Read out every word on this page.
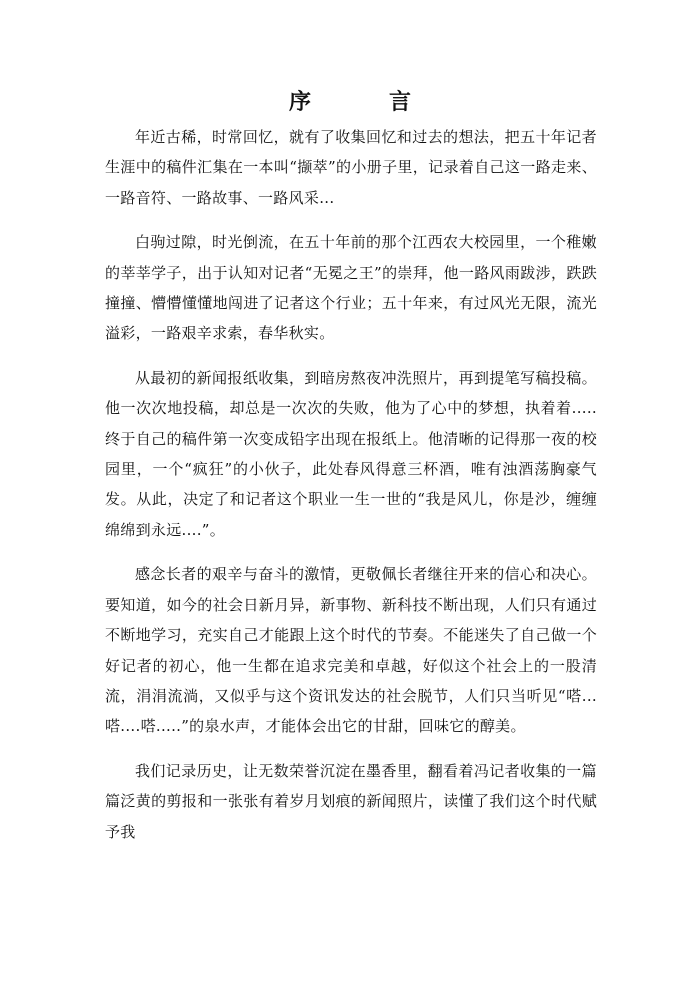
序　言

年近古稀，时常回忆，就有了收集回忆和过去的想法，把五十年记者生涯中的稿件汇集在一本叫“撷萃”的小册子里，记录着自己这一路走来、一路音符、一路故事、一路风采...

白驹过隙，时光倒流，在五十年前的那个江西农大校园里，一个稚嫩的莘莘学子，出于认知对记者“无冕之王”的崇拜，他一路风雨跋涉，跌跌撞撞、懵懵懂懂地闯进了记者这个行业；五十年来，有过风光无限，流光溢彩，一路艰辛求索，春华秋实。

从最初的新闻报纸收集，到暗房熬夜冲洗照片，再到提笔写稿投稿。他一次次地投稿，却总是一次次的失败，他为了心中的梦想，执着着.....终于自己的稿件第一次变成铅字出现在报纸上。他清晰的记得那一夜的校园里，一个“疯狂”的小伙子，此处春风得意三杯酒，唯有浊酒荡胸豪气发。从此，决定了和记者这个职业一生一世的“我是风儿，你是沙，缠缠绵绵到永远....”。

感念长者的艰辛与奋斗的激情，更敬佩长者继往开来的信心和决心。要知道，如今的社会日新月异，新事物、新科技不断出现，人们只有通过不断地学习，充实自己才能跟上这个时代的节奏。不能迷失了自己做一个好记者的初心，他一生都在追求完美和卓越，好似这个社会上的一股清流，涓涓流淌，又似乎与这个资讯发达的社会脱节，人们只当听见“嗒...嗒....嗒.....”的泉水声，才能体会出它的甘甜，回味它的醇美。

我们记录历史，让无数荣誉沉淀在墨香里，翻看着冯记者收集的一篇篇泛黄的剪报和一张张有着岁月划痕的新闻照片，读懂了我们这个时代赋予我
